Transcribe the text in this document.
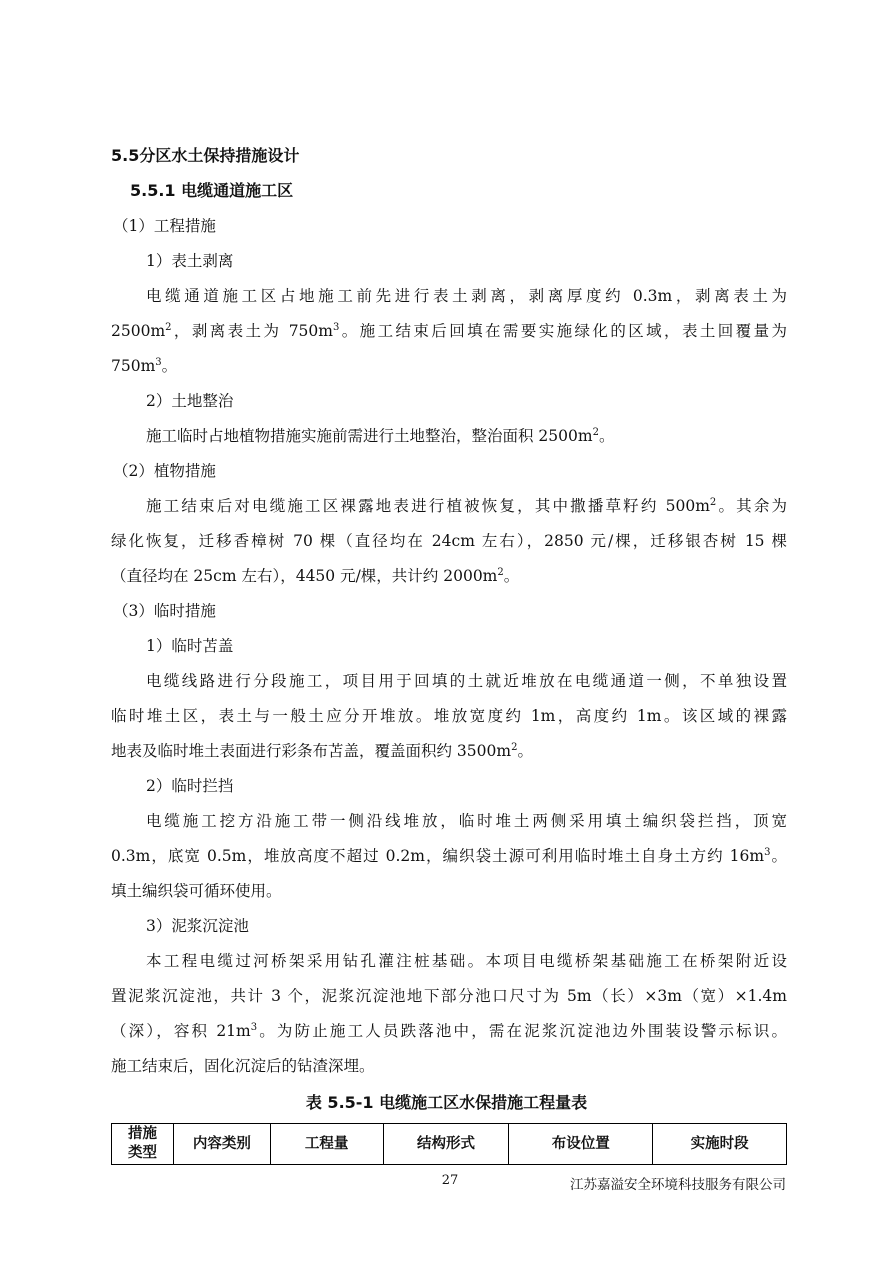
5.5分区水土保持措施设计
5.5.1 电缆通道施工区
（1）工程措施
1）表土剥离
电缆通道施工区占地施工前先进行表土剥离，剥离厚度约 0.3m，剥离表土为
$2500m^2$，剥离表土为 $750m^3$。施工结束后回填在需要实施绿化的区域，表土回覆量为
$750m^3$。
2）土地整治
施工临时占地植物措施实施前需进行土地整治，整治面积 $2500m^2$。
（2）植物措施
施工结束后对电缆施工区裸露地表进行植被恢复，其中撒播草籽约 $500m^2$。其余为
绿化恢复，迁移香樟树 70 棵（直径均在 24cm 左右），2850 元/棵，迁移银杏树 15 棵
（直径均在 25cm 左右），4450 元/棵，共计约 $2000m^2$。
（3）临时措施
1）临时苫盖
电缆线路进行分段施工，项目用于回填的土就近堆放在电缆通道一侧，不单独设置
临时堆土区，表土与一般土应分开堆放。堆放宽度约 1m，高度约 1m。该区域的裸露
地表及临时堆土表面进行彩条布苫盖，覆盖面积约 $3500m^2$。
2）临时拦挡
电缆施工挖方沿施工带一侧沿线堆放，临时堆土两侧采用填土编织袋拦挡，顶宽
0.3m，底宽 0.5m，堆放高度不超过 0.2m，编织袋土源可利用临时堆土自身土方约 $16m^3$。
填土编织袋可循环使用。
3）泥浆沉淀池
本工程电缆过河桥架采用钻孔灌注桩基础。本项目电缆桥架基础施工在桥架附近设
置泥浆沉淀池，共计 3 个，泥浆沉淀池地下部分池口尺寸为 5m（长）×3m（宽）×1.4m
（深），容积 $21m^3$。为防止施工人员跌落池中，需在泥浆沉淀池边外围装设警示标识。
施工结束后，固化沉淀后的钻渣深埋。
表 5.5-1 电缆施工区水保措施工程量表
措施
类型	内容类别	工程量	结构形式	布设位置	实施时段
27	江苏嘉溢安全环境科技服务有限公司
